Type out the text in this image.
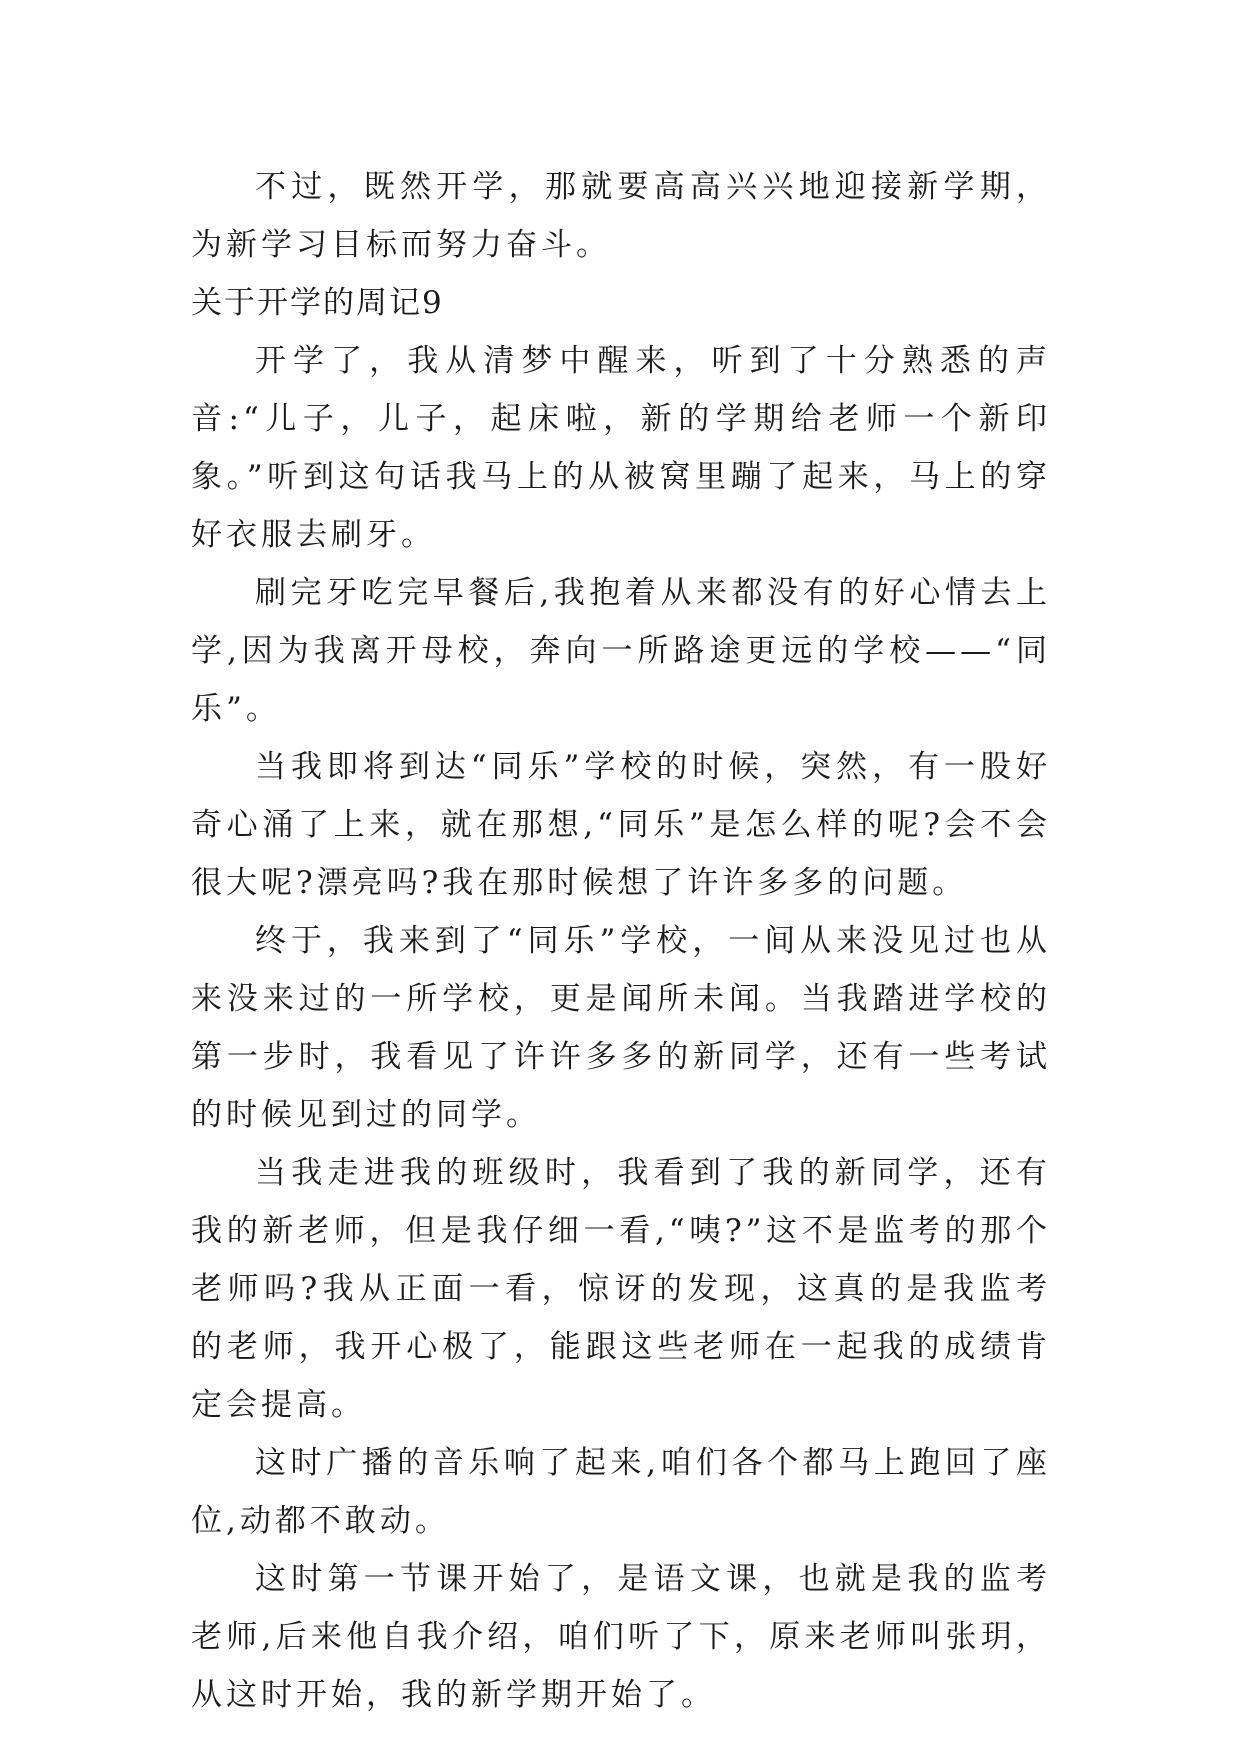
不过，既然开学，那就要高高兴兴地迎接新学期，为新学习目标而努力奋斗。

关于开学的周记9

开学了，我从清梦中醒来，听到了十分熟悉的声音:“儿子，儿子，起床啦，新的学期给老师一个新印象。”听到这句话我马上的从被窝里蹦了起来，马上的穿好衣服去刷牙。

刷完牙吃完早餐后,我抱着从来都没有的好心情去上学,因为我离开母校，奔向一所路途更远的学校——“同乐”。

当我即将到达“同乐”学校的时候，突然，有一股好奇心涌了上来，就在那想,“同乐”是怎么样的呢?会不会很大呢?漂亮吗?我在那时候想了许许多多的问题。

终于，我来到了“同乐”学校，一间从来没见过也从来没来过的一所学校，更是闻所未闻。当我踏进学校的第一步时，我看见了许许多多的新同学，还有一些考试的时候见到过的同学。

当我走进我的班级时，我看到了我的新同学，还有我的新老师，但是我仔细一看,“咦?”这不是监考的那个老师吗?我从正面一看，惊讶的发现，这真的是我监考的老师，我开心极了，能跟这些老师在一起我的成绩肯定会提高。

这时广播的音乐响了起来,咱们各个都马上跑回了座位,动都不敢动。

这时第一节课开始了，是语文课，也就是我的监考老师,后来他自我介绍，咱们听了下，原来老师叫张玥，从这时开始，我的新学期开始了。
